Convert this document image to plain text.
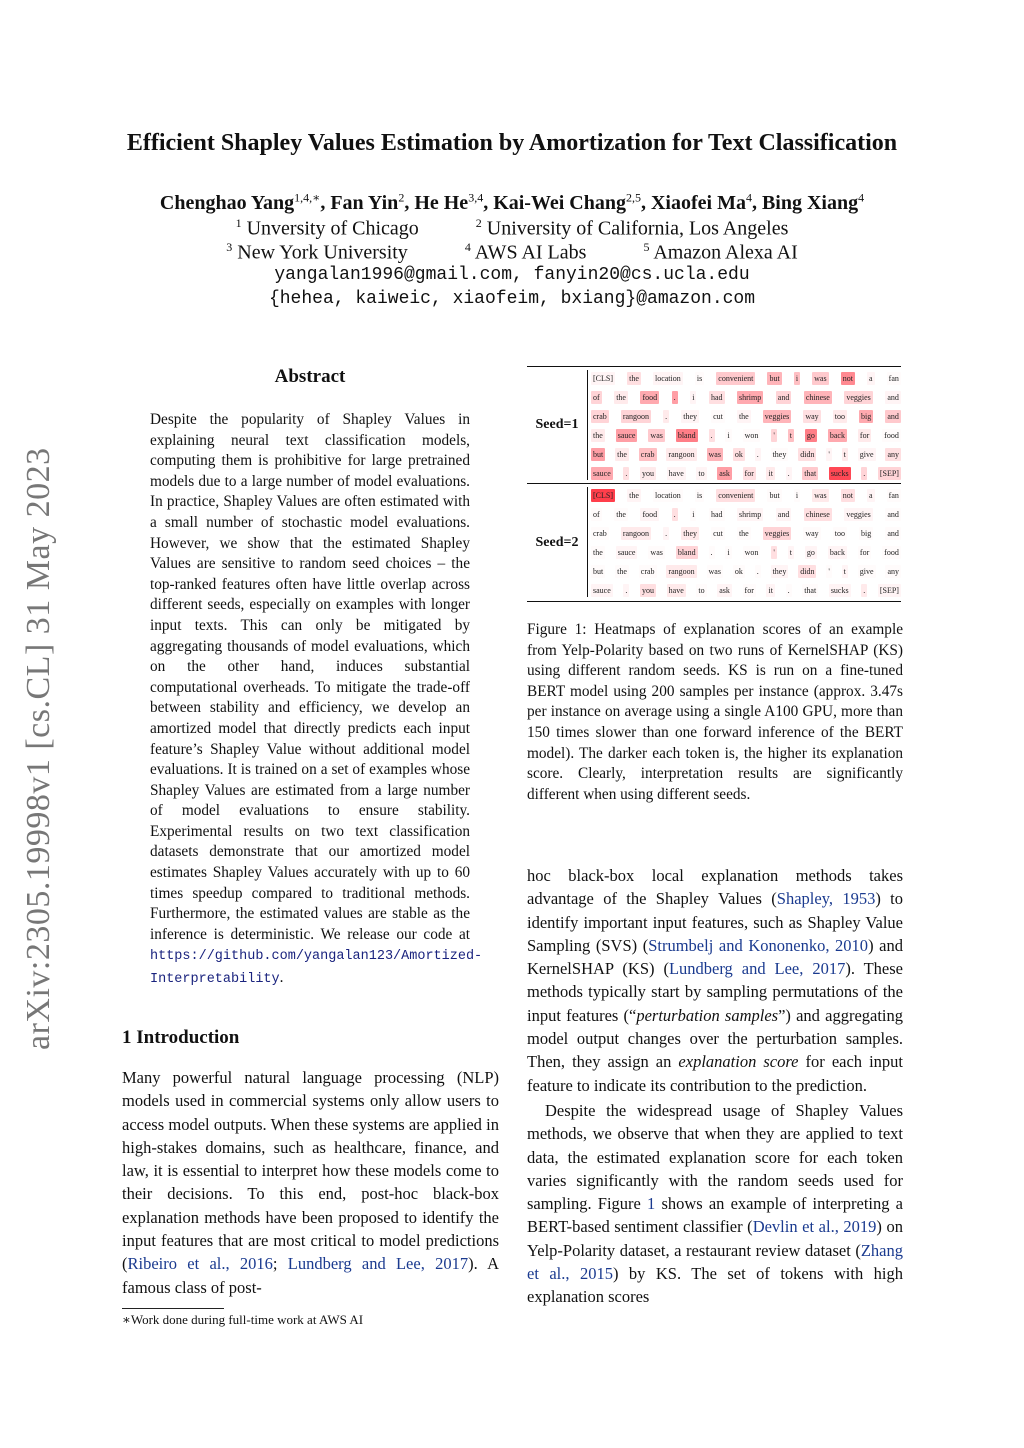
arXiv:2305.19998v1 [cs.CL] 31 May 2023
Efficient Shapley Values Estimation by Amortization for Text Classification
Chenghao Yang$^{1,4,∗}$, Fan Yin$^2$, He He$^{3,4}$, Kai-Wei Chang$^{2,5}$, Xiaofei Ma$^4$, Bing Xiang$^4$
$^1$ Unversity of Chicago	$^2$ University of California, Los Angeles
$^3$ New York University	$^4$ AWS AI Labs	$^5$ Amazon Alexa AI
yangalan1996@gmail.com, fanyin20@cs.ucla.edu
{hehea, kaiweic, xiaofeim, bxiang}@amazon.com
Abstract
Despite the popularity of Shapley Values in explaining neural text classification models, computing them is prohibitive for large pretrained models due to a large number of model evaluations. In practice, Shapley Values are often estimated with a small number of stochastic model evaluations. However, we show that the estimated Shapley Values are sensitive to random seed choices – the top-ranked features often have little overlap across different seeds, especially on examples with longer input texts. This can only be mitigated by aggregating thousands of model evaluations, which on the other hand, induces substantial computational overheads. To mitigate the trade-off between stability and efficiency, we develop an amortized model that directly predicts each input feature’s Shapley Value without additional model evaluations. It is trained on a set of examples whose Shapley Values are estimated from a large number of model evaluations to ensure stability. Experimental results on two text classification datasets demonstrate that our amortized model estimates Shapley Values accurately with up to 60 times speedup compared to traditional methods. Furthermore, the estimated values are stable as the inference is deterministic. We release our code at https://github.com/yangalan123/Amortized-Interpretability.
1 Introduction
Many powerful natural language processing (NLP) models used in commercial systems only allow users to access model outputs. When these systems are applied in high-stakes domains, such as healthcare, finance, and law, it is essential to interpret how these models come to their decisions. To this end, post-hoc black-box explanation methods have been proposed to identify the input features that are most critical to model predictions (Ribeiro et al., 2016; Lundberg and Lee, 2017). A famous class of post-
∗Work done during full-time work at AWS AI
Seed=1
Seed=2
[CLS] the location is convenient but i was not a fan
of the food . i had shrimp and chinese veggies and
crab rangoon . they cut the veggies way too big and
the sauce was bland . i won ' t go back for food
but the crab rangoon was ok . they didn ' t give any
sauce . you have to ask for it . that sucks . [SEP]
[CLS] the location is convenient but i was not a fan
of the food . i had shrimp and chinese veggies and
crab rangoon . they cut the veggies way too big and
the sauce was bland . i won ' t go back for food
but the crab rangoon was ok . they didn ' t give any
sauce . you have to ask for it . that sucks . [SEP]
Figure 1: Heatmaps of explanation scores of an example from Yelp-Polarity based on two runs of KernelSHAP (KS) using different random seeds. KS is run on a fine-tuned BERT model using 200 samples per instance (approx. 3.47s per instance on average using a single A100 GPU, more than 150 times slower than one forward inference of the BERT model). The darker each token is, the higher its explanation score. Clearly, interpretation results are significantly different when using different seeds.
hoc black-box local explanation methods takes advantage of the Shapley Values (Shapley, 1953) to identify important input features, such as Shapley Value Sampling (SVS) (Strumbelj and Kononenko, 2010) and KernelSHAP (KS) (Lundberg and Lee, 2017). These methods typically start by sampling permutations of the input features (“perturbation samples”) and aggregating model output changes over the perturbation samples. Then, they assign an explanation score for each input feature to indicate its contribution to the prediction.
Despite the widespread usage of Shapley Values methods, we observe that when they are applied to text data, the estimated explanation score for each token varies significantly with the random seeds used for sampling. Figure 1 shows an example of interpreting a BERT-based sentiment classifier (Devlin et al., 2019) on Yelp-Polarity dataset, a restaurant review dataset (Zhang et al., 2015) by KS. The set of tokens with high explanation scores
